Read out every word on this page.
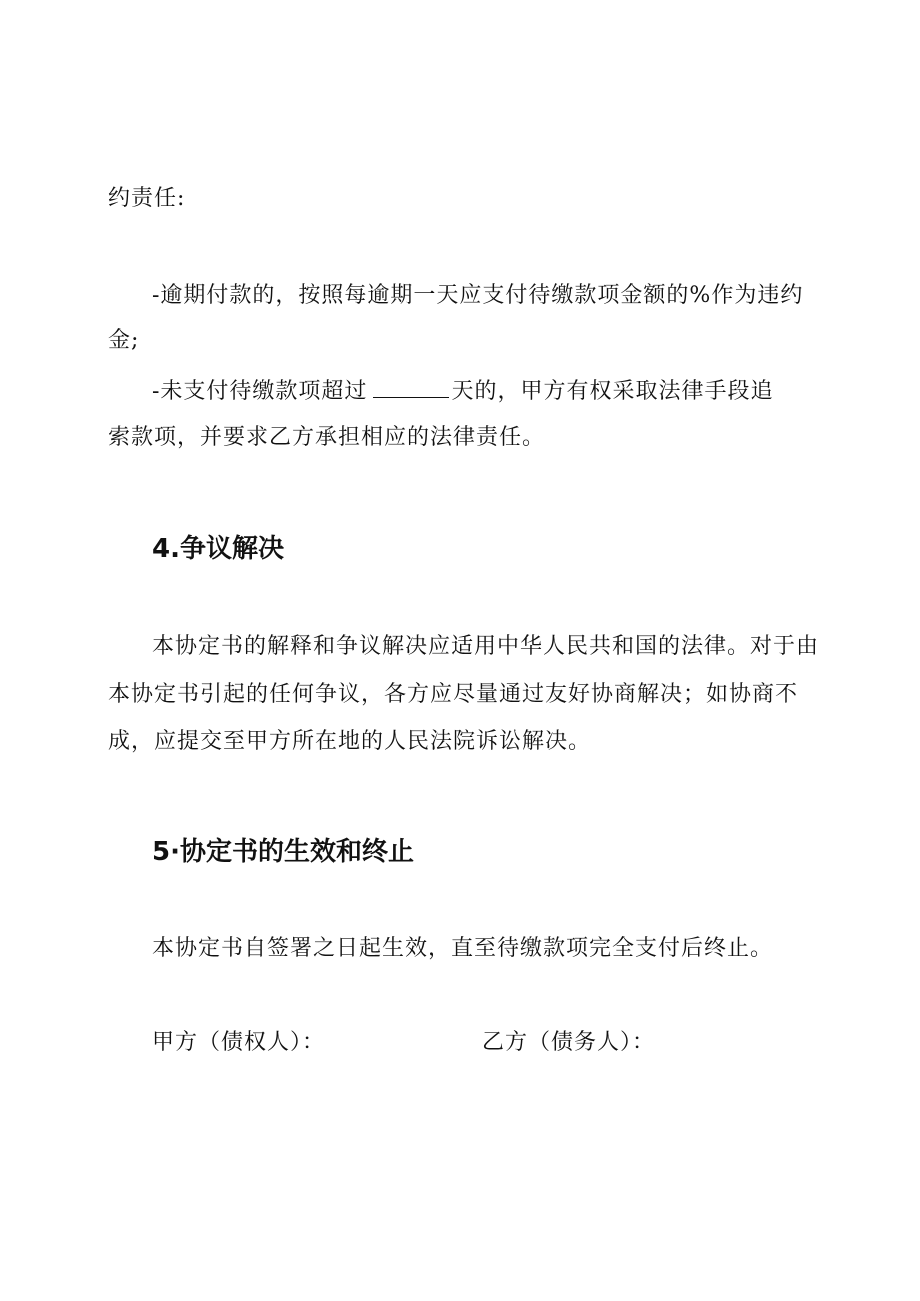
约责任:
-逾期付款的，按照每逾期一天应支付待缴款项金额的%作为违约
金;
-未支付待缴款项超过	天的，甲方有权采取法律手段追
索款项，并要求乙方承担相应的法律责任。
4.争议解决
本协定书的解释和争议解决应适用中华人民共和国的法律。对于由
本协定书引起的任何争议，各方应尽量通过友好协商解决；如协商不
成，应提交至甲方所在地的人民法院诉讼解决。
5·协定书的生效和终止
本协定书自签署之日起生效，直至待缴款项完全支付后终止。
甲方（债权人）：	乙方（债务人）：
